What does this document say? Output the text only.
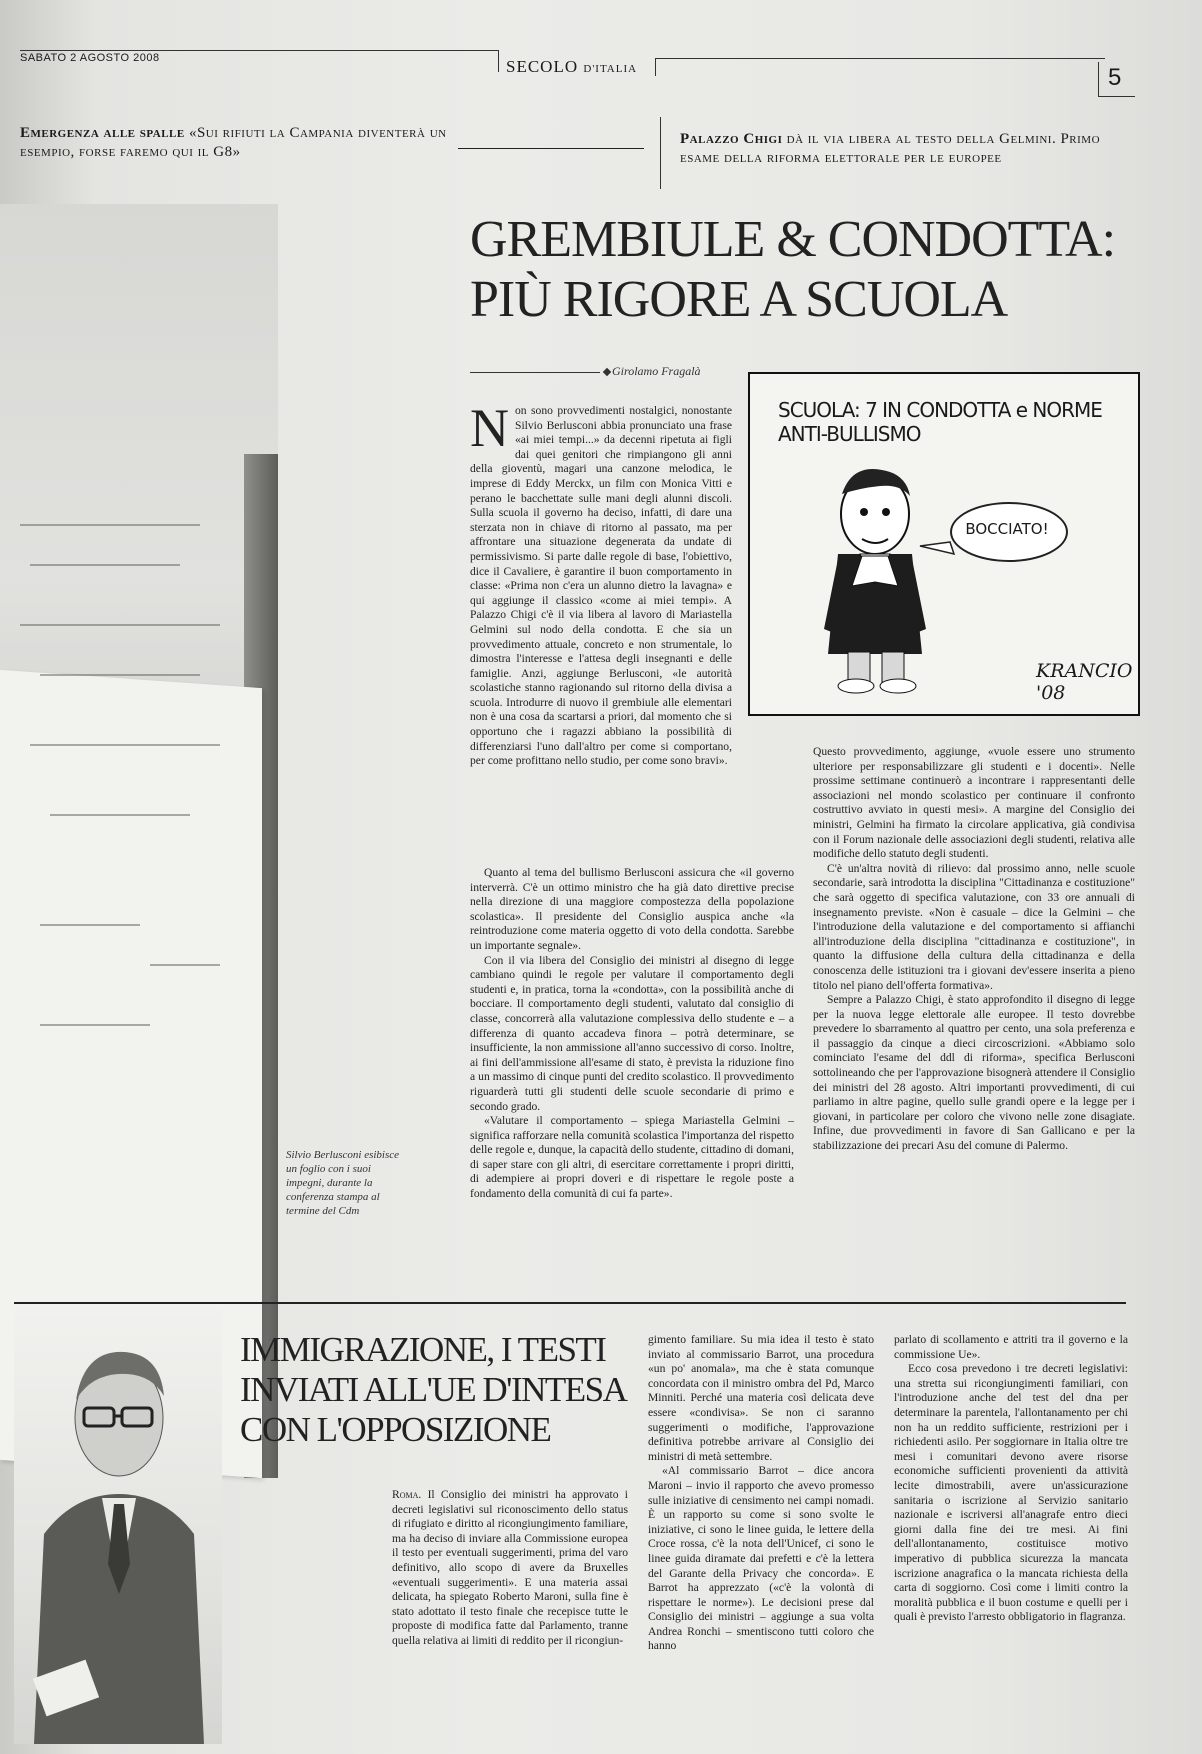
SABATO 2 AGOSTO 2008	SECOLO D'ITALIA	5
Emergenza alle spalle «Sui rifiuti la Campania diventerà un esempio, forse faremo qui il G8»
Palazzo Chigi dà il via libera al testo della Gelmini. Primo esame della riforma elettorale per le europee
Silvio Berlusconi esibisce un foglio con i suoi impegni, durante la conferenza stampa al termine del Cdm
GREMBIULE & CONDOTTA:
PIÙ RIGORE A SCUOLA
Girolamo Fragalà
SCUOLA: 7 IN CONDOTTA e NORME ANTI-BULLISMO
BOCCIATO!
KRANCIO '08

Non sono provvedimenti nostalgici, nonostante Silvio Berlusconi abbia pronunciato una frase «ai miei tempi...» da decenni ripetuta ai figli dai quei genitori che rimpiangono gli anni della gioventù, magari una canzone melodica, le imprese di Eddy Merckx, un film con Monica Vitti e perano le bacchettate sulle mani degli alunni discoli. Sulla scuola il governo ha deciso, infatti, di dare una sterzata non in chiave di ritorno al passato, ma per affrontare una situazione degenerata da undate di permissivismo. Si parte dalle regole di base, l'obiettivo, dice il Cavaliere, è garantire il buon comportamento in classe: «Prima non c'era un alunno dietro la lavagna» e qui aggiunge il classico «come ai miei tempi». A Palazzo Chigi c'è il via libera al lavoro di Mariastella Gelmini sul nodo della condotta. E che sia un provvedimento attuale, concreto e non strumentale, lo dimostra l'interesse e l'attesa degli insegnanti e delle famiglie. Anzi, aggiunge Berlusconi, «le autorità scolastiche stanno ragionando sul ritorno della divisa a scuola. Introdurre di nuovo il grembiule alle elementari non è una cosa da scartarsi a priori, dal momento che si opportuno che i ragazzi abbiano la possibilità di differenziarsi l'uno dall'altro per come si comportano, per come profittano nello studio, per come sono bravi».

Quanto al tema del bullismo Berlusconi assicura che «il governo interverrà. C'è un ottimo ministro che ha già dato direttive precise nella direzione di una maggiore compostezza della popolazione scolastica». Il presidente del Consiglio auspica anche «la reintroduzione come materia oggetto di voto della condotta. Sarebbe un importante segnale».

Con il via libera del Consiglio dei ministri al disegno di legge cambiano quindi le regole per valutare il comportamento degli studenti e, in pratica, torna la «condotta», con la possibilità anche di bocciare. Il comportamento degli studenti, valutato dal consiglio di classe, concorrerà alla valutazione complessiva dello studente e – a differenza di quanto accadeva finora – potrà determinare, se insufficiente, la non ammissione all'anno successivo di corso. Inoltre, ai fini dell'ammissione all'esame di stato, è prevista la riduzione fino a un massimo di cinque punti del credito scolastico. Il provvedimento riguarderà tutti gli studenti delle scuole secondarie di primo e secondo grado.

«Valutare il comportamento – spiega Mariastella Gelmini – significa rafforzare nella comunità scolastica l'importanza del rispetto delle regole e, dunque, la capacità dello studente, cittadino di domani, di saper stare con gli altri, di esercitare correttamente i propri diritti, di adempiere ai propri doveri e di rispettare le regole poste a fondamento della comunità di cui fa parte».

Questo provvedimento, aggiunge, «vuole essere uno strumento ulteriore per responsabilizzare gli studenti e i docenti». Nelle prossime settimane continuerò a incontrare i rappresentanti delle associazioni nel mondo scolastico per continuare il confronto costruttivo avviato in questi mesi». A margine del Consiglio dei ministri, Gelmini ha firmato la circolare applicativa, già condivisa con il Forum nazionale delle associazioni degli studenti, relativa alle modifiche dello statuto degli studenti.

C'è un'altra novità di rilievo: dal prossimo anno, nelle scuole secondarie, sarà introdotta la disciplina "Cittadinanza e costituzione" che sarà oggetto di specifica valutazione, con 33 ore annuali di insegnamento previste. «Non è casuale – dice la Gelmini – che l'introduzione della valutazione e del comportamento si affianchi all'introduzione della disciplina "cittadinanza e costituzione", in quanto la diffusione della cultura della cittadinanza e della conoscenza delle istituzioni tra i giovani dev'essere inserita a pieno titolo nel piano dell'offerta formativa».

Sempre a Palazzo Chigi, è stato approfondito il disegno di legge per la nuova legge elettorale alle europee. Il testo dovrebbe prevedere lo sbarramento al quattro per cento, una sola preferenza e il passaggio da cinque a dieci circoscrizioni. «Abbiamo solo cominciato l'esame del ddl di riforma», specifica Berlusconi sottolineando che per l'approvazione bisognerà attendere il Consiglio dei ministri del 28 agosto. Altri importanti provvedimenti, di cui parliamo in altre pagine, quello sulle grandi opere e la legge per i giovani, in particolare per coloro che vivono nelle zone disagiate. Infine, due provvedimenti in favore di San Gallicano e per la stabilizzazione dei precari Asu del comune di Palermo.

IMMIGRAZIONE, I TESTI INVIATI ALL'UE D'INTESA CON L'OPPOSIZIONE

Roma. Il Consiglio dei ministri ha approvato i decreti legislativi sul riconoscimento dello status di rifugiato e diritto al ricongiungimento familiare, ma ha deciso di inviare alla Commissione europea il testo per eventuali suggerimenti, prima del varo definitivo, allo scopo di avere da Bruxelles «eventuali suggerimenti». E una materia assai delicata, ha spiegato Roberto Maroni, sulla fine è stato adottato il testo finale che recepisce tutte le proposte di modifica fatte dal Parlamento, tranne quella relativa ai limiti di reddito per il ricongiun-

gimento familiare. Su mia idea il testo è stato inviato al commissario Barrot, una procedura «un po' anomala», ma che è stata comunque concordata con il ministro ombra del Pd, Marco Minniti. Perché una materia così delicata deve essere «condivisa». Se non ci saranno suggerimenti o modifiche, l'approvazione definitiva potrebbe arrivare al Consiglio dei ministri di metà settembre.

«Al commissario Barrot – dice ancora Maroni – invio il rapporto che avevo promesso sulle iniziative di censimento nei campi nomadi. È un rapporto su come si sono svolte le iniziative, ci sono le linee guida, le lettere della Croce rossa, c'è la nota dell'Unicef, ci sono le linee guida diramate dai prefetti e c'è la lettera del Garante della Privacy che concorda». E Barrot ha apprezzato («c'è la volontà di rispettare le norme»). Le decisioni prese dal Consiglio dei ministri – aggiunge a sua volta Andrea Ronchi – smentiscono tutti coloro che hanno

parlato di scollamento e attriti tra il governo e la commissione Ue».

Ecco cosa prevedono i tre decreti legislativi: una stretta sui ricongiungimenti familiari, con l'introduzione anche del test del dna per determinare la parentela, l'allontanamento per chi non ha un reddito sufficiente, restrizioni per i richiedenti asilo. Per soggiornare in Italia oltre tre mesi i comunitari devono avere risorse economiche sufficienti provenienti da attività lecite dimostrabili, avere un'assicurazione sanitaria o iscrizione al Servizio sanitario nazionale e iscriversi all'anagrafe entro dieci giorni dalla fine dei tre mesi. Ai fini dell'allontanamento, costituisce motivo imperativo di pubblica sicurezza la mancata iscrizione anagrafica o la mancata richiesta della carta di soggiorno. Così come i limiti contro la moralità pubblica e il buon costume e quelli per i quali è previsto l'arresto obbligatorio in flagranza.
